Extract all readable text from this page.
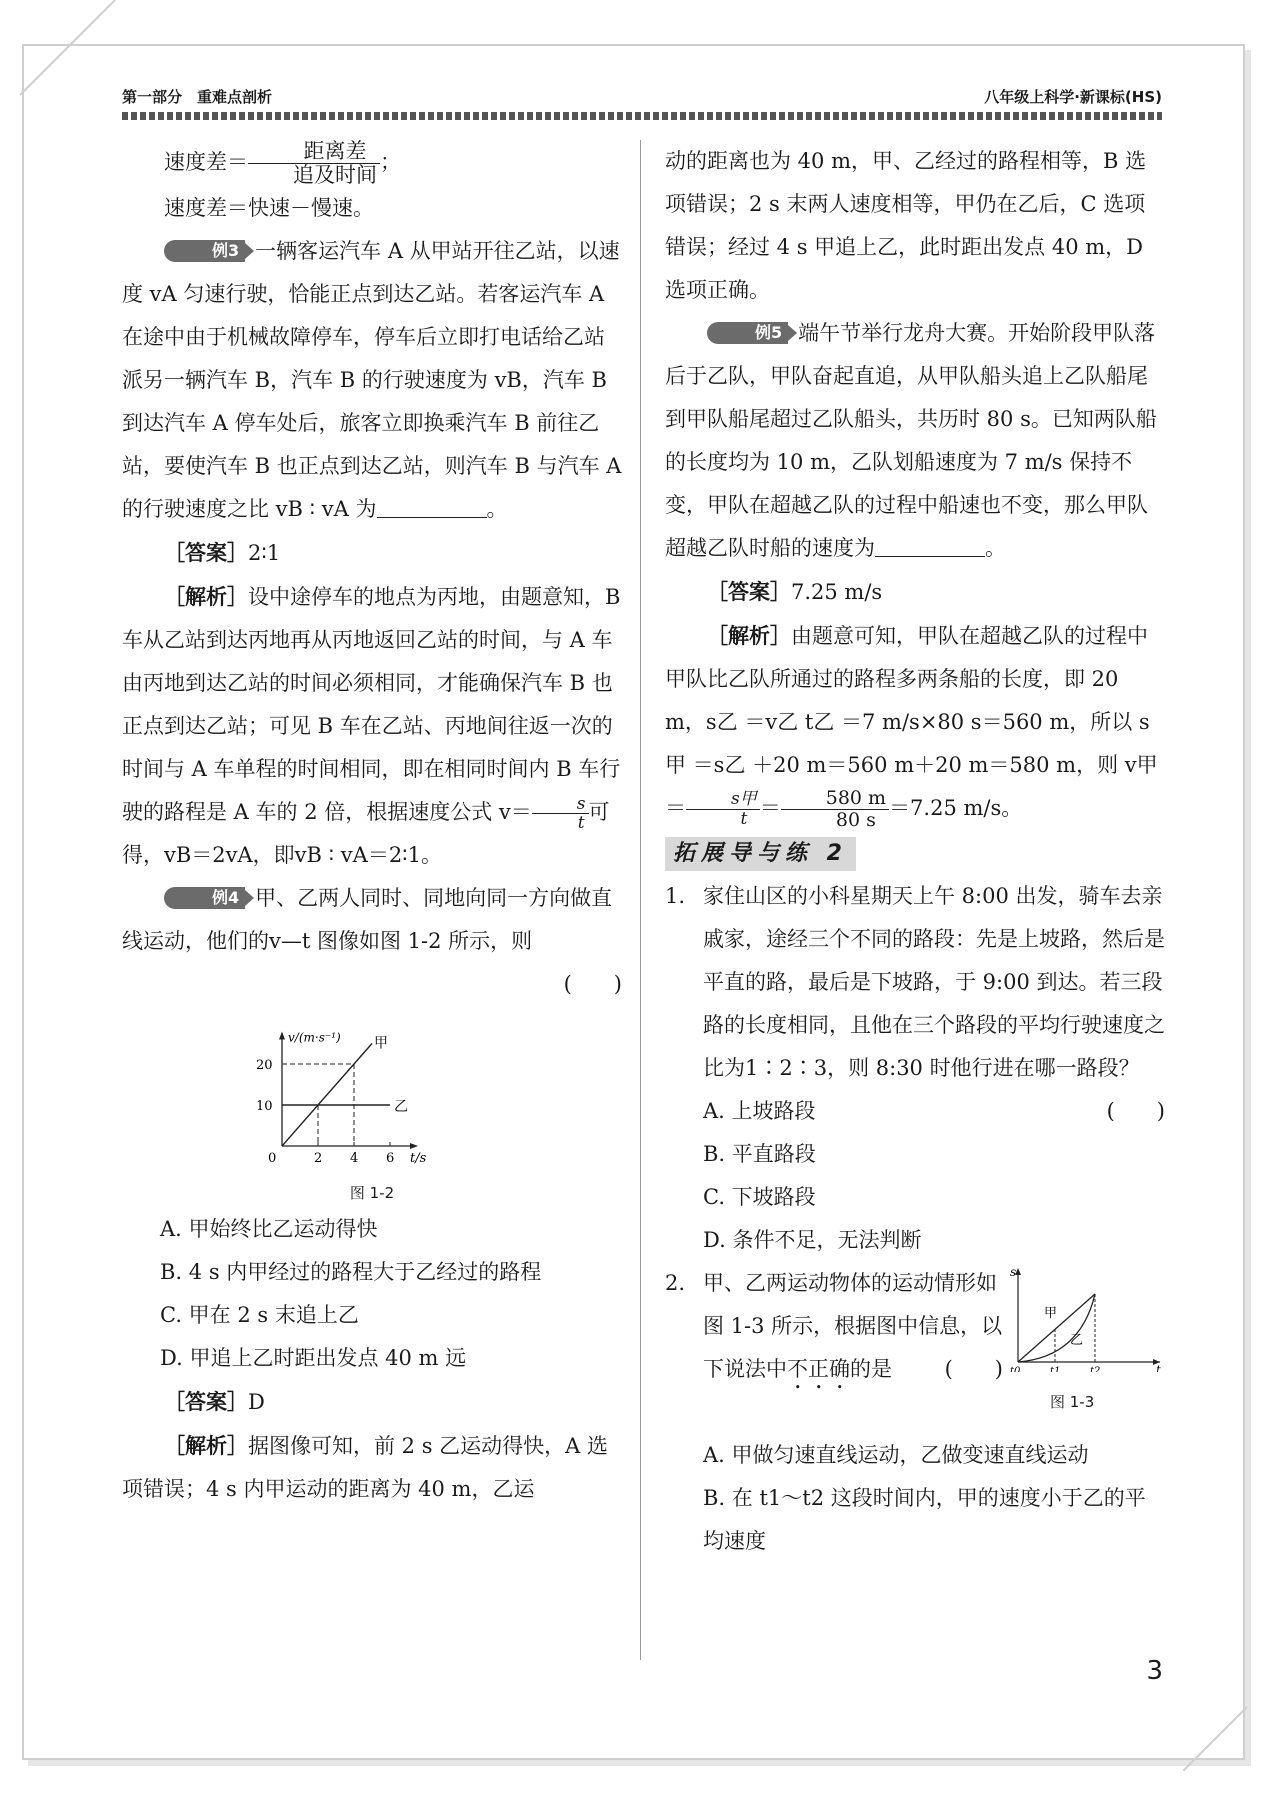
第一部分　重难点剖析	八年级上科学·新课标(HS)

速度差＝ $\frac{\text{距离差}}{\text{追及时间}}$ ；

速度差＝快速－慢速。

例3 一辆客运汽车 A 从甲站开往乙站，以速度 vA 匀速行驶，恰能正点到达乙站。若客运汽车 A 在途中由于机械故障停车，停车后立即打电话给乙站派另一辆汽车 B，汽车 B 的行驶速度为 vB，汽车 B 到达汽车 A 停车处后，旅客立即换乘汽车 B 前往乙站，要使汽车 B 也正点到达乙站，则汽车 B 与汽车 A 的行驶速度之比 vB ∶ vA 为	。

［答案］2∶1

［解析］设中途停车的地点为丙地，由题意知，B 车从乙站到达丙地再从丙地返回乙站的时间，与 A 车由丙地到达乙站的时间必须相同，才能确保汽车 B 也正点到达乙站；可见 B 车在乙站、丙地间往返一次的时间与 A 车单程的时间相同，即在相同时间内 B 车行驶的路程是 A 车的 2 倍，根据速度公式 $v= \frac{s}{t}$ 可得，vB＝2vA，即vB ∶ vA＝2∶1。

例4 甲、乙两人同时、同地向同一方向做直线运动，他们的v—t 图像如图 1-2 所示，则

(　　)

v/(m·s⁻¹)
t/s
0	2 4 6
10
20
甲
乙

图 1-2

A. 甲始终比乙运动得快

B. 4 s 内甲经过的路程大于乙经过的路程

C. 甲在 2 s 末追上乙

D. 甲追上乙时距出发点 40 m 远

［答案］D

［解析］据图像可知，前 2 s 乙运动得快，A 选项错误；4 s 内甲运动的距离为 40 m，乙运

动的距离也为 40 m，甲、乙经过的路程相等，B 选项错误；2 s 末两人速度相等，甲仍在乙后，C 选项错误；经过 4 s 甲追上乙，此时距出发点 40 m，D 选项正确。

例5 端午节举行龙舟大赛。开始阶段甲队落后于乙队，甲队奋起直追，从甲队船头追上乙队船尾到甲队船尾超过乙队船头，共历时 80 s。已知两队船的长度均为 10 m，乙队划船速度为 7 m/s 保持不变，甲队在超越乙队的过程中船速也不变，那么甲队超越乙队时船的速度为	。

［答案］7.25 m/s

［解析］由题意可知，甲队在超越乙队的过程中甲队比乙队所通过的路程多两条船的长度，即 20 m，s乙 ＝v乙 t乙 ＝7 m/s×80 s＝560 m，所以 s甲 ＝s乙 ＋20 m＝560 m＋20 m＝580 m，则 v甲＝ $\frac{\text{s甲}}{t} = \frac{580 m}{80 s} =7.25$ m/s。

拓展导与练 2

1. 家住山区的小科星期天上午 8:00 出发，骑车去亲戚家，途经三个不同的路段：先是上坡路，然后是平直的路，最后是下坡路，于 9:00 到达。若三段路的长度相同，且他在三个路段的平均行驶速度之比为1∶2∶3，则 8:30 时他行进在哪一路段？
(　　)

A. 上坡路段

B. 平直路段

C. 下坡路段

D. 条件不足，无法判断

2. 甲、乙两运动物体的运动情形如图 1-3 所示，根据图中信息，以下说法中不正确的是	(　　)

s
t
t0	t1	t2
甲
乙

图 1-3

A. 甲做匀速直线运动，乙做变速直线运动

B. 在 t1～t2 这段时间内，甲的速度小于乙的平均速度

3
